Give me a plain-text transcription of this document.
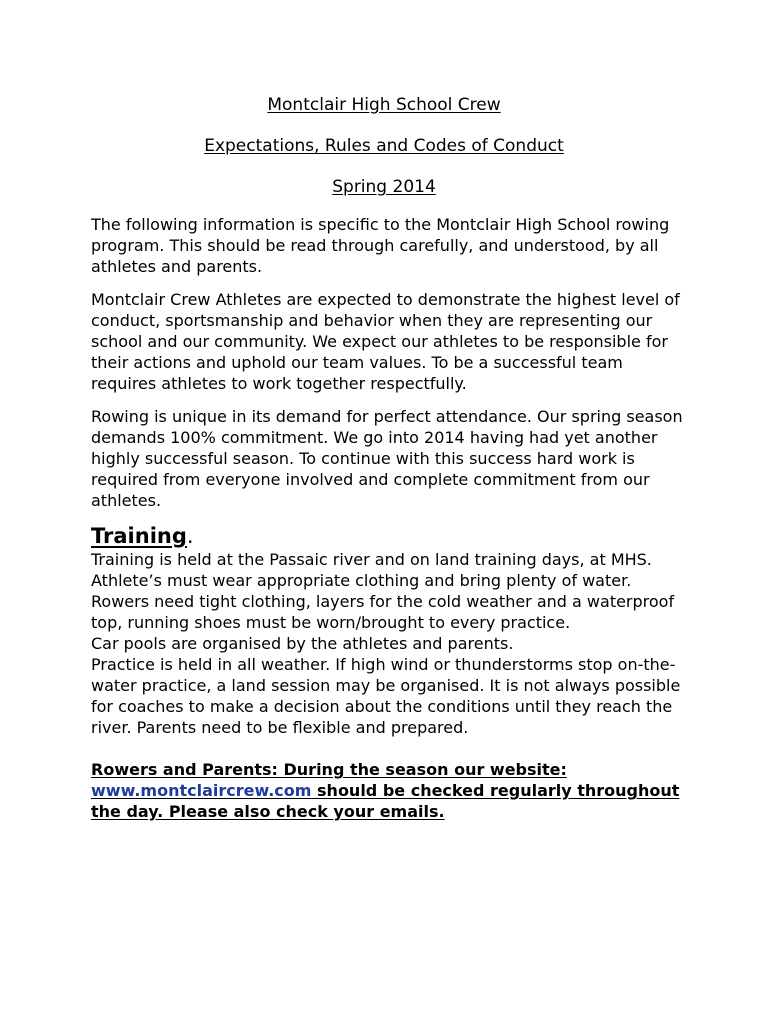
Montclair High School Crew
Expectations, Rules and Codes of Conduct
Spring 2014

The following information is specific to the Montclair High School rowing program. This should be read through carefully, and understood, by all athletes and parents.

Montclair Crew Athletes are expected to demonstrate the highest level of conduct, sportsmanship and behavior when they are representing our school and our community. We expect our athletes to be responsible for their actions and uphold our team values. To be a successful team requires athletes to work together respectfully.

Rowing is unique in its demand for perfect attendance. Our spring season demands 100% commitment. We go into 2014 having had yet another highly successful season. To continue with this success hard work is required from everyone involved and complete commitment from our athletes.

Training.

Training is held at the Passaic river and on land training days, at MHS. Athlete’s must wear appropriate clothing and bring plenty of water. Rowers need tight clothing, layers for the cold weather and a waterproof top, running shoes must be worn/brought to every practice.

Car pools are organised by the athletes and parents.

Practice is held in all weather. If high wind or thunderstorms stop on-the-water practice, a land session may be organised. It is not always possible for coaches to make a decision about the conditions until they reach the river. Parents need to be flexible and prepared.

Rowers and Parents: During the season our website: www.montclaircrew.com should be checked regularly throughout the day. Please also check your emails.
